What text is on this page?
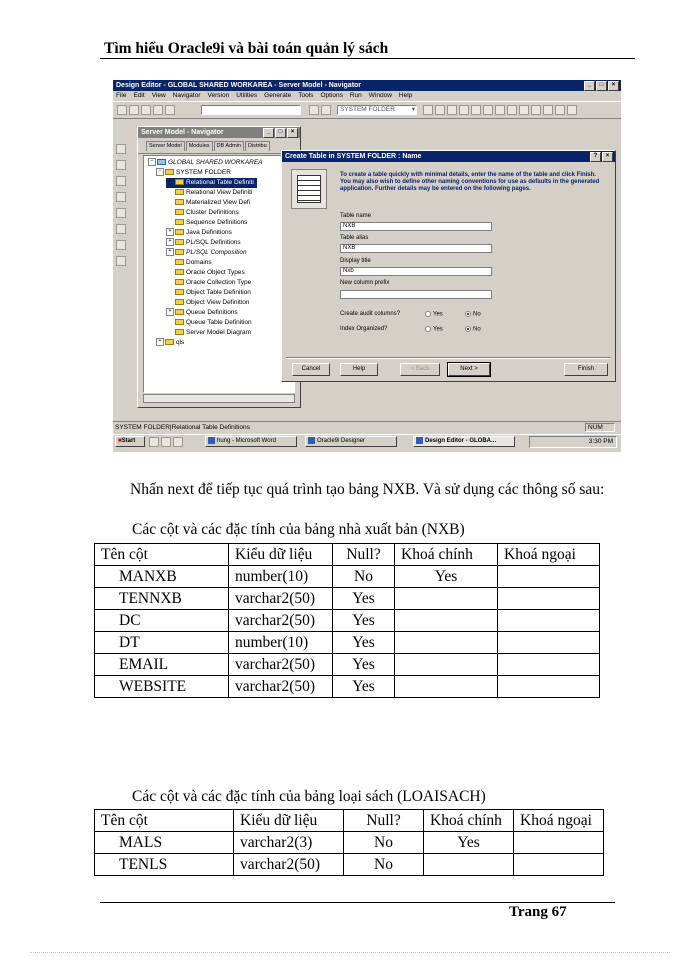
Tìm hiểu Oracle9i và bài toán quản lý sách
Design Editor - GLOBAL SHARED WORKAREA - Server Model - Navigator	_ □ ×
File Edit View Navigator Version Utilities Generate Tools Options Run Window Help
SYSTEM FOLDER	▾
Server Model - Navigator	_ □ ×
Server Model Modules DB Admin Distribu
− GLOBAL SHARED WORKAREA
− SYSTEM FOLDER
Relational Table Definiti

Relational View Definiti
Materialized View Defi
Cluster Definitions
Sequence Definitions
+ Java Definitions
+ PL/SQL Definitions
+ PL/SQL Composition
Domains
Oracle Object Types
Oracle Collection Type
Object Table Definition
Object View Definition
+ Queue Definitions
Queue Table Definition
Server Model Diagram
+ qls
Create Table in SYSTEM FOLDER : Name	? ×
To create a table quickly with minimal details, enter the name of the table and click Finish. You may also wish to define other naming conventions for use as defaults in the generated application. Further details may be entered on the following pages.
Table name
NXB
Table alias
NXB
Display title
Nxb
New column prefix
Create audit columns?	Yes	No
Index Organized?	Yes	No
Cancel	Help	< Back	Next >	Finish
SYSTEM FOLDER|Relational Table Definitions	NUM
■Start	hung - Microsoft Word	Oracle9i Designer	Design Editor - GLOBA...	3:30 PM
Nhấn next để tiếp tục quá trình tạo bảng NXB. Và sử dụng các thông số sau:
Các cột và các đặc tính của bảng nhà xuất bản (NXB)
Tên cột	Kiểu dữ liệu	Null?	Khoá chính	Khoá ngoại
MANXB	number(10)	No	Yes	
TENNXB	varchar2(50)	Yes		
DC	varchar2(50)	Yes		
DT	number(10)	Yes		
EMAIL	varchar2(50)	Yes		
WEBSITE	varchar2(50)	Yes		
Các cột và các đặc tính của bảng loại sách (LOAISACH)
Tên cột	Kiểu dữ liệu	Null?	Khoá chính	Khoá ngoại
MALS	varchar2(3)	No	Yes	
TENLS	varchar2(50)	No		
Trang 67
